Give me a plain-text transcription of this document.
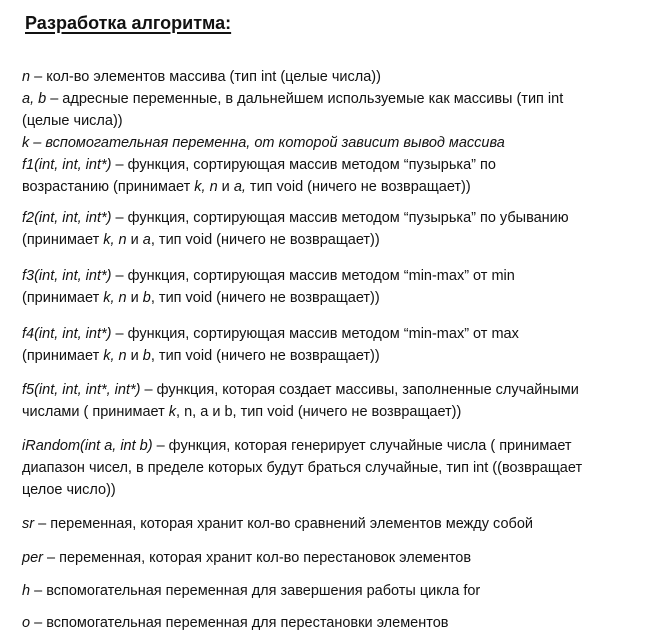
Разработка алгоритма:

n – кол-во элементов массива (тип int (целые числа))
a, b – адресные переменные, в дальнейшем используемые как массивы (тип int
(целые числа))
k – вспомогательная переменна, от которой зависит вывод массива
f1(int, int, int*) – функция, сортирующая массив методом “пузырька” по
возрастанию (принимает k, n и a, тип void (ничего не возвращает))

f2(int, int, int*) – функция, сортирующая массив методом “пузырька” по убыванию
(принимает k, n и a, тип void (ничего не возвращает))

f3(int, int, int*) – функция, сортирующая массив методом “min-max” от min
(принимает k, n и b, тип void (ничего не возвращает))

f4(int, int, int*) – функция, сортирующая массив методом “min-max” от max
(принимает k, n и b, тип void (ничего не возвращает))

f5(int, int, int*, int*) – функция, которая создает массивы, заполненные случайными
числами ( принимает k, n, a и b, тип void (ничего не возвращает))

iRandom(int a, int b) – функция, которая генерирует случайные числа ( принимает
диапазон чисел, в пределе которых будут браться случайные, тип int ((возвращает
целое число))

sr – переменная, которая хранит кол-во сравнений элементов между собой

per – переменная, которая хранит кол-во перестановок элементов

h – вспомогательная переменная для завершения работы цикла for

o – вспомогательная переменная для перестановки элементов
